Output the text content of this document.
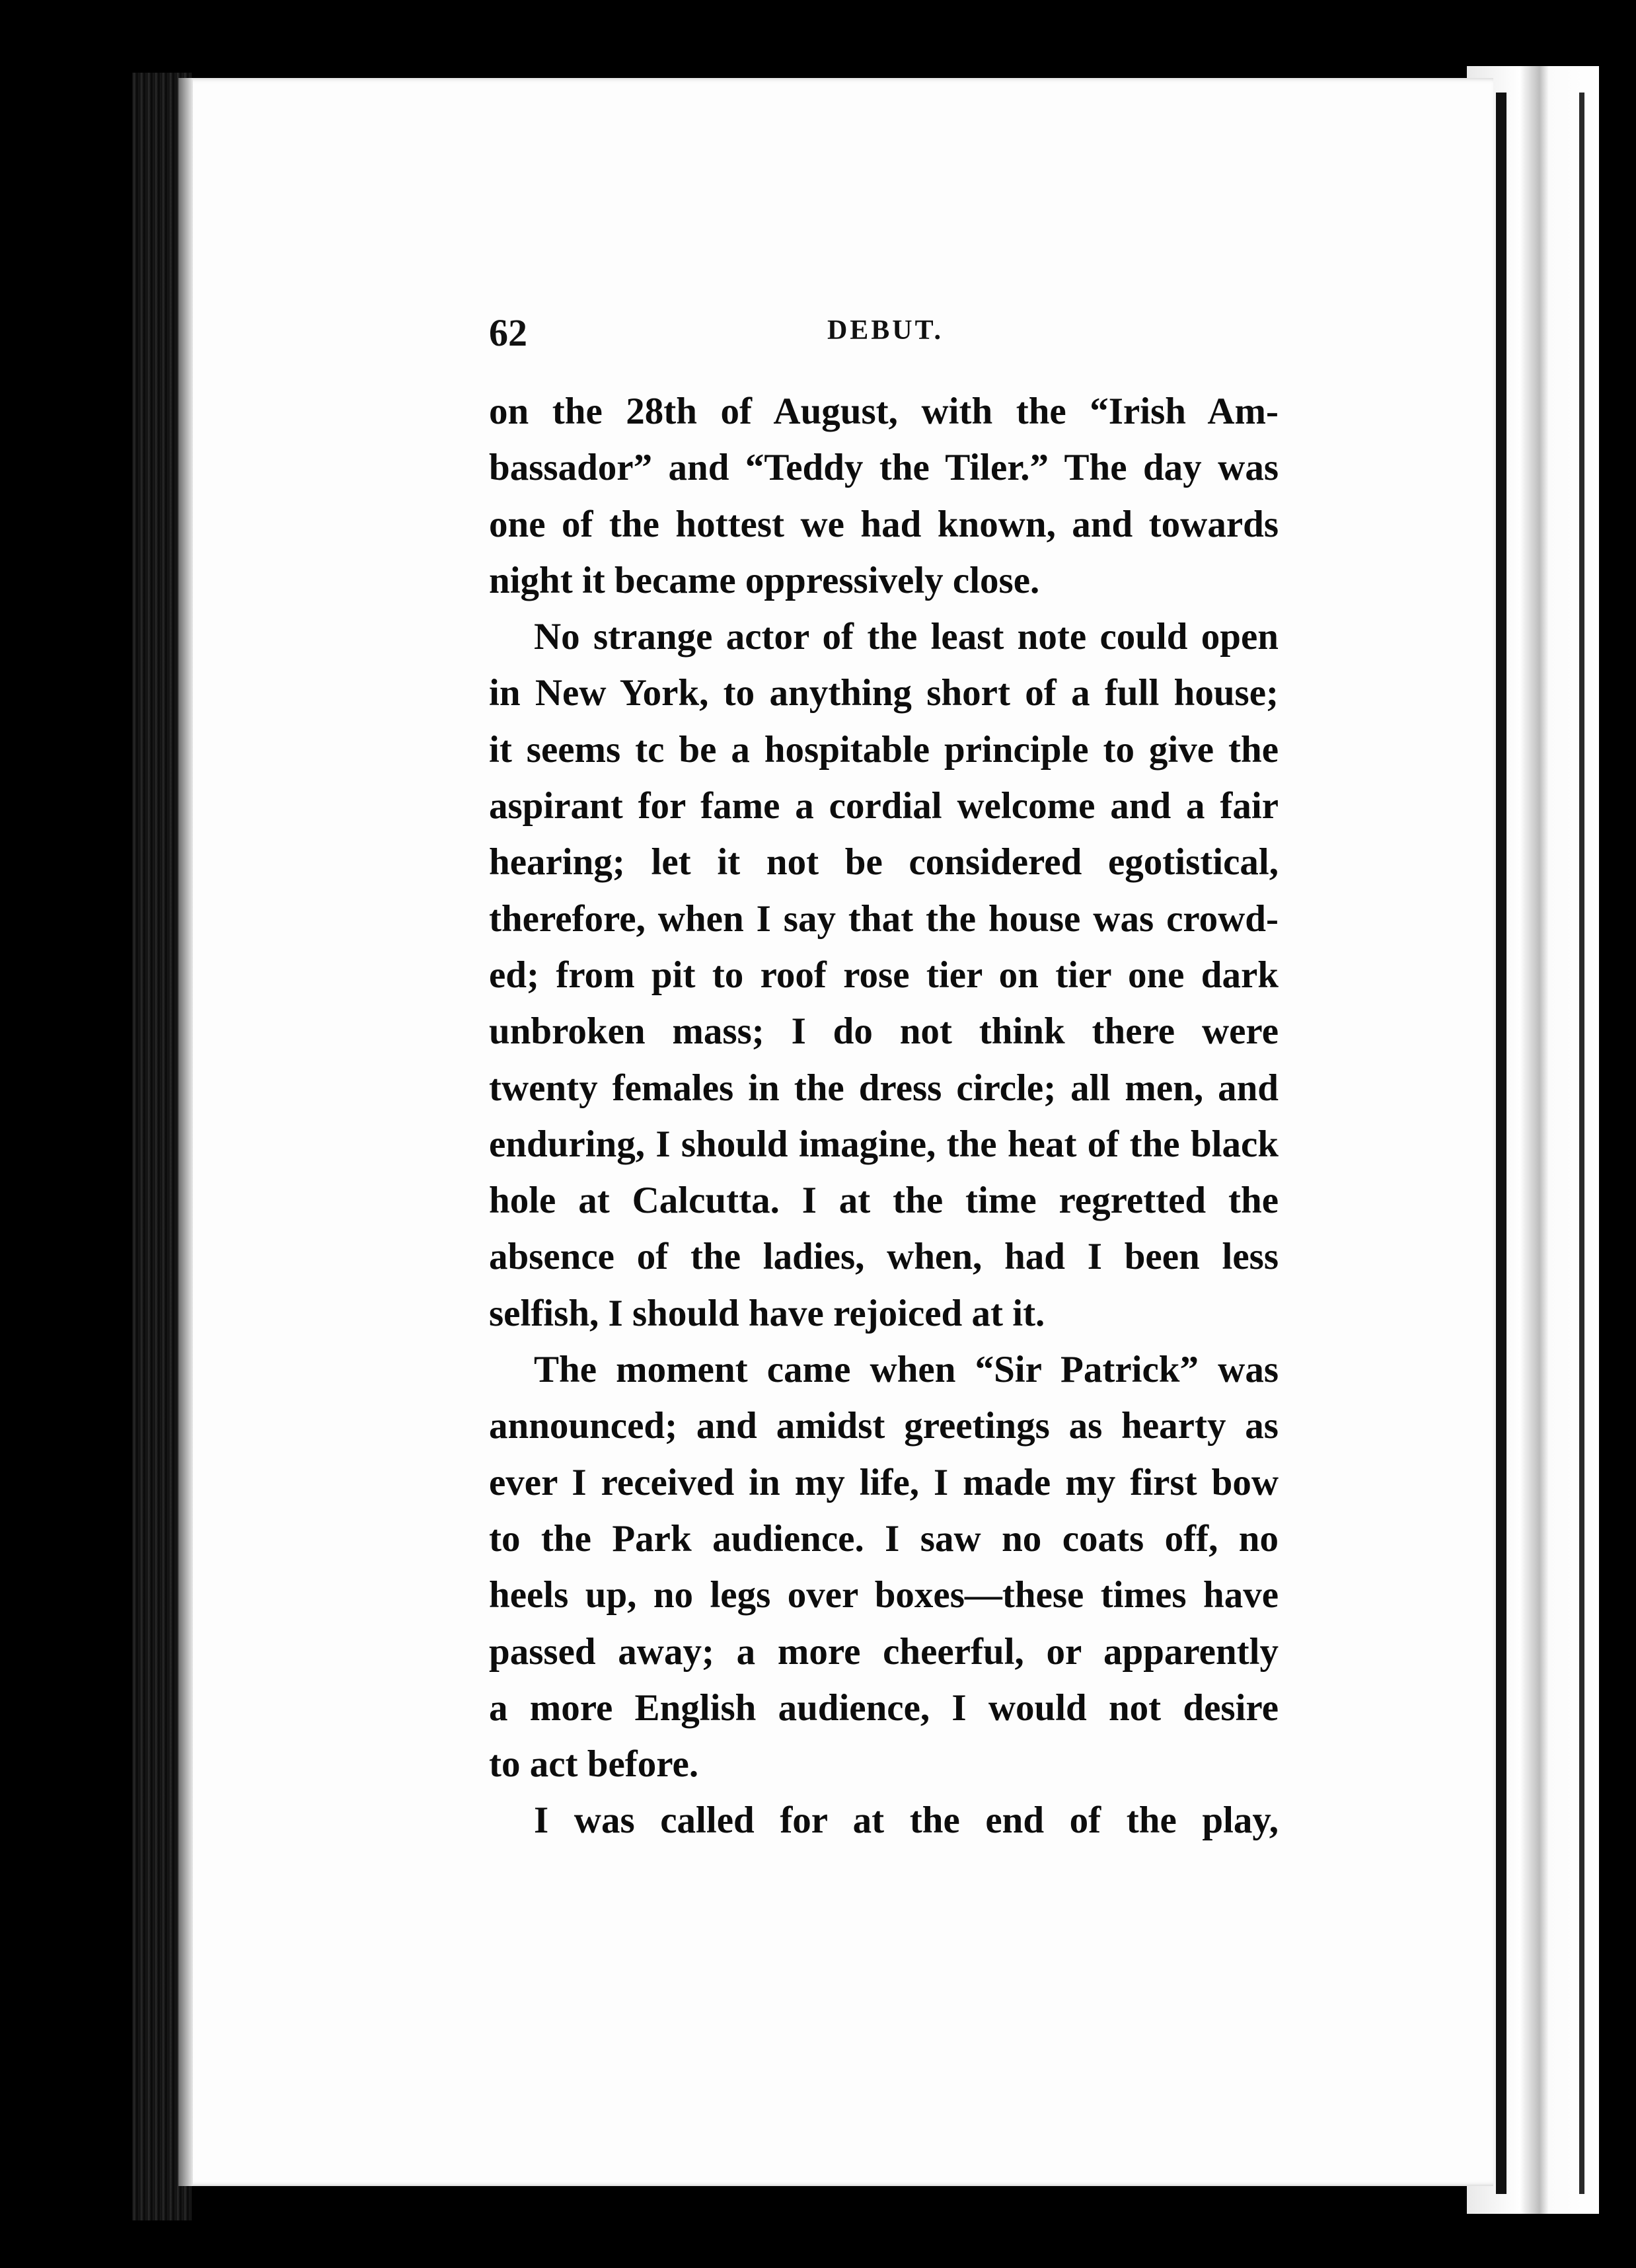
62	DEBUT.
on the 28th of August, with the “Irish Am-
bassador” and “Teddy the Tiler.” The day was
one of the hottest we had known, and towards
night it became oppressively close.
No strange actor of the least note could open
in New York, to anything short of a full house;
it seems tc be a hospitable principle to give the
aspirant for fame a cordial welcome and a fair
hearing; let it not be considered egotistical,
therefore, when I say that the house was crowd-
ed; from pit to roof rose tier on tier one dark
unbroken mass; I do not think there were
twenty females in the dress circle; all men, and
enduring, I should imagine, the heat of the black
hole at Calcutta. I at the time regretted the
absence of the ladies, when, had I been less
selfish, I should have rejoiced at it.
The moment came when “Sir Patrick” was
announced; and amidst greetings as hearty as
ever I received in my life, I made my first bow
to the Park audience. I saw no coats off, no
heels up, no legs over boxes—these times have
passed away; a more cheerful, or apparently
a more English audience, I would not desire
to act before.
I was called for at the end of the play,
